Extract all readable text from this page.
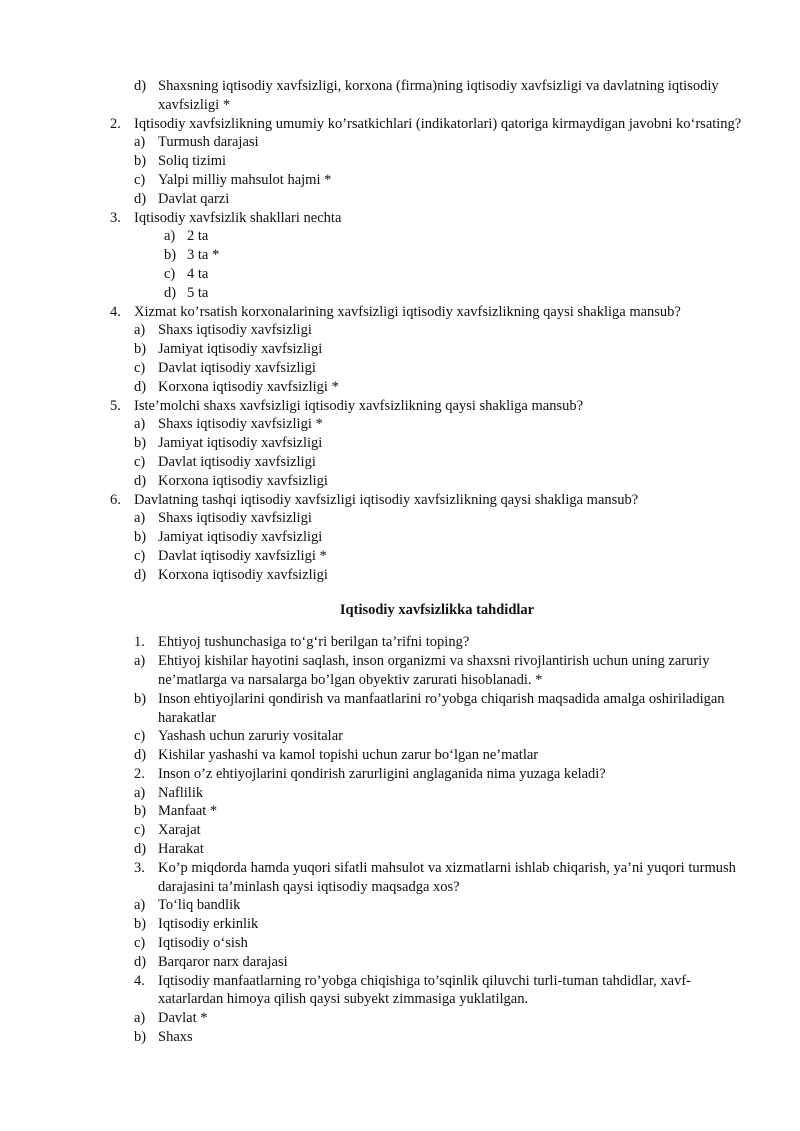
d) Shaxsning iqtisodiy xavfsizligi, korxona (firma)ning iqtisodiy xavfsizligi va davlatning iqtisodiy xavfsizligi *
2. Iqtisodiy xavfsizlikning umumiy ko’rsatkichlari (indikatorlari) qatoriga kirmaydigan javobni ko‘rsating?
a) Turmush darajasi
b) Soliq tizimi
c) Yalpi milliy mahsulot hajmi *
d) Davlat qarzi
3. Iqtisodiy xavfsizlik shakllari nechta
a) 2 ta
b) 3 ta *
c) 4 ta
d) 5 ta
4. Xizmat ko’rsatish korxonalarining xavfsizligi iqtisodiy xavfsizlikning qaysi shakliga mansub?
a) Shaxs iqtisodiy xavfsizligi
b) Jamiyat iqtisodiy xavfsizligi
c) Davlat iqtisodiy xavfsizligi
d) Korxona iqtisodiy xavfsizligi *
5. Iste’molchi shaxs xavfsizligi iqtisodiy xavfsizlikning qaysi shakliga mansub?
a) Shaxs iqtisodiy xavfsizligi *
b) Jamiyat iqtisodiy xavfsizligi
c) Davlat iqtisodiy xavfsizligi
d) Korxona iqtisodiy xavfsizligi
6. Davlatning tashqi iqtisodiy xavfsizligi iqtisodiy xavfsizlikning qaysi shakliga mansub?
a) Shaxs iqtisodiy xavfsizligi
b) Jamiyat iqtisodiy xavfsizligi
c) Davlat iqtisodiy xavfsizligi *
d) Korxona iqtisodiy xavfsizligi
Iqtisodiy xavfsizlikka tahdidlar
1. Ehtiyoj tushunchasiga to‘g‘ri berilgan ta’rifni toping?
a) Ehtiyoj kishilar hayotini saqlash, inson organizmi va shaxsni rivojlantirish uchun uning zaruriy ne’matlarga va narsalarga bo’lgan obyektiv zarurati hisoblanadi. *
b) Inson ehtiyojlarini qondirish va manfaatlarini ro’yobga chiqarish maqsadida amalga oshiriladigan harakatlar
c) Yashash uchun zaruriy vositalar
d) Kishilar yashashi va kamol topishi uchun zarur bo‘lgan ne’matlar
2. Inson o’z ehtiyojlarini qondirish zarurligini anglaganida nima yuzaga keladi?
a) Naflilik
b) Manfaat *
c) Xarajat
d) Harakat
3. Ko’p miqdorda hamda yuqori sifatli mahsulot va xizmatlarni ishlab chiqarish, ya’ni yuqori turmush darajasini ta’minlash qaysi iqtisodiy maqsadga xos?
a) To‘liq bandlik
b) Iqtisodiy erkinlik
c) Iqtisodiy o‘sish
d) Barqaror narx darajasi
4. Iqtisodiy manfaatlarning ro’yobga chiqishiga to’sqinlik qiluvchi turli-tuman tahdidlar, xavf-xatarlardan himoya qilish qaysi subyekt zimmasiga yuklatilgan.
a) Davlat *
b) Shaxs
